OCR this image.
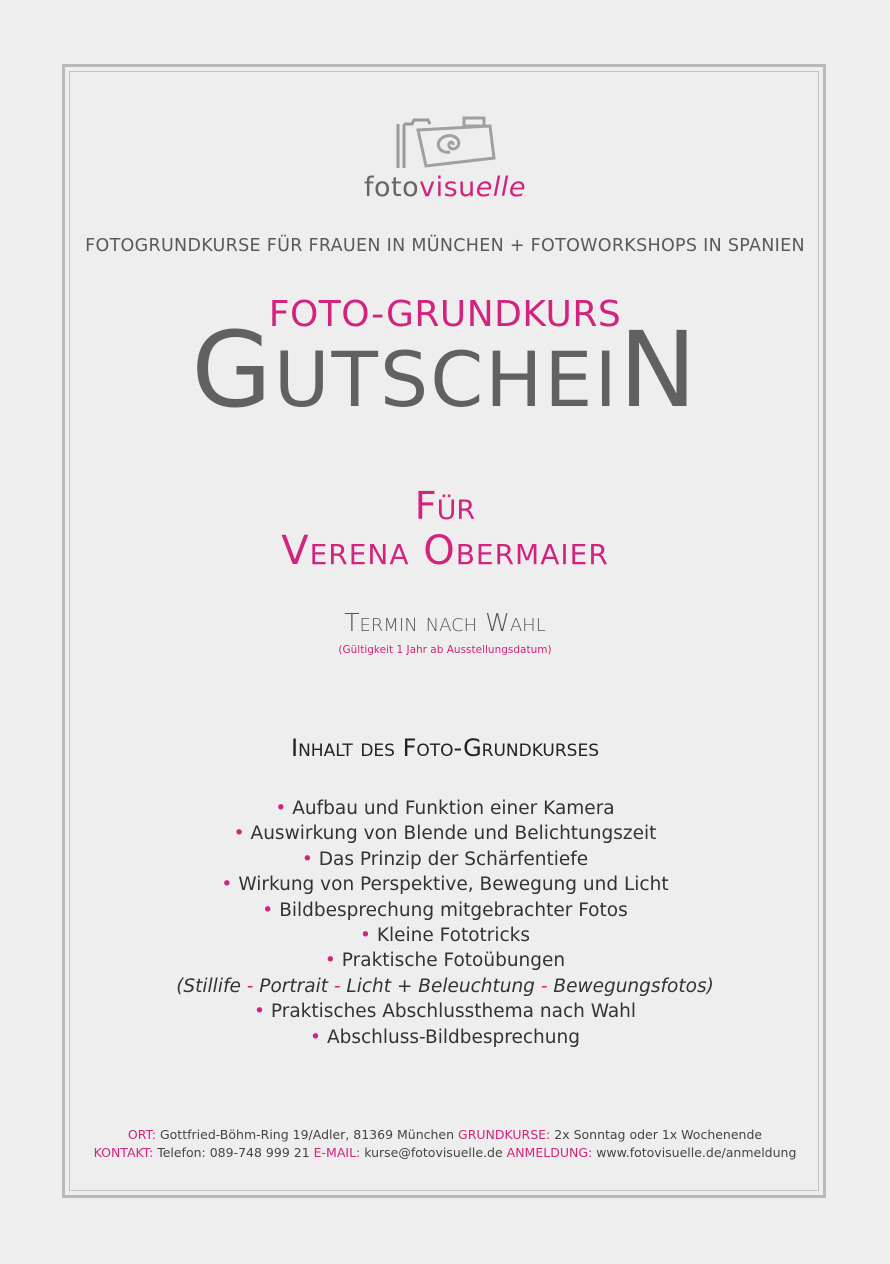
fotovisuelle
FOTOGRUNDKURSE FÜR FRAUEN IN MÜNCHEN + FOTOWORKSHOPS IN SPANIEN
FOTO-GRUNDKURS
GUTSCHEIN
Für
Verena Obermaier
Termin nach Wahl
(Gültigkeit 1 Jahr ab Ausstellungsdatum)
Inhalt des Foto-Grundkurses
• Aufbau und Funktion einer Kamera
• Auswirkung von Blende und Belichtungszeit
• Das Prinzip der Schärfentiefe
• Wirkung von Perspektive, Bewegung und Licht
• Bildbesprechung mitgebrachter Fotos
• Kleine Fototricks
• Praktische Fotoübungen
(Stillife - Portrait - Licht + Beleuchtung - Bewegungsfotos)
• Praktisches Abschlussthema nach Wahl
• Abschluss-Bildbesprechung
ORT: Gottfried-Böhm-Ring 19/Adler, 81369 München GRUNDKURSE: 2x Sonntag oder 1x Wochenende
KONTAKT: Telefon: 089-748 999 21 E-MAIL: kurse@fotovisuelle.de ANMELDUNG: www.fotovisuelle.de/anmeldung
